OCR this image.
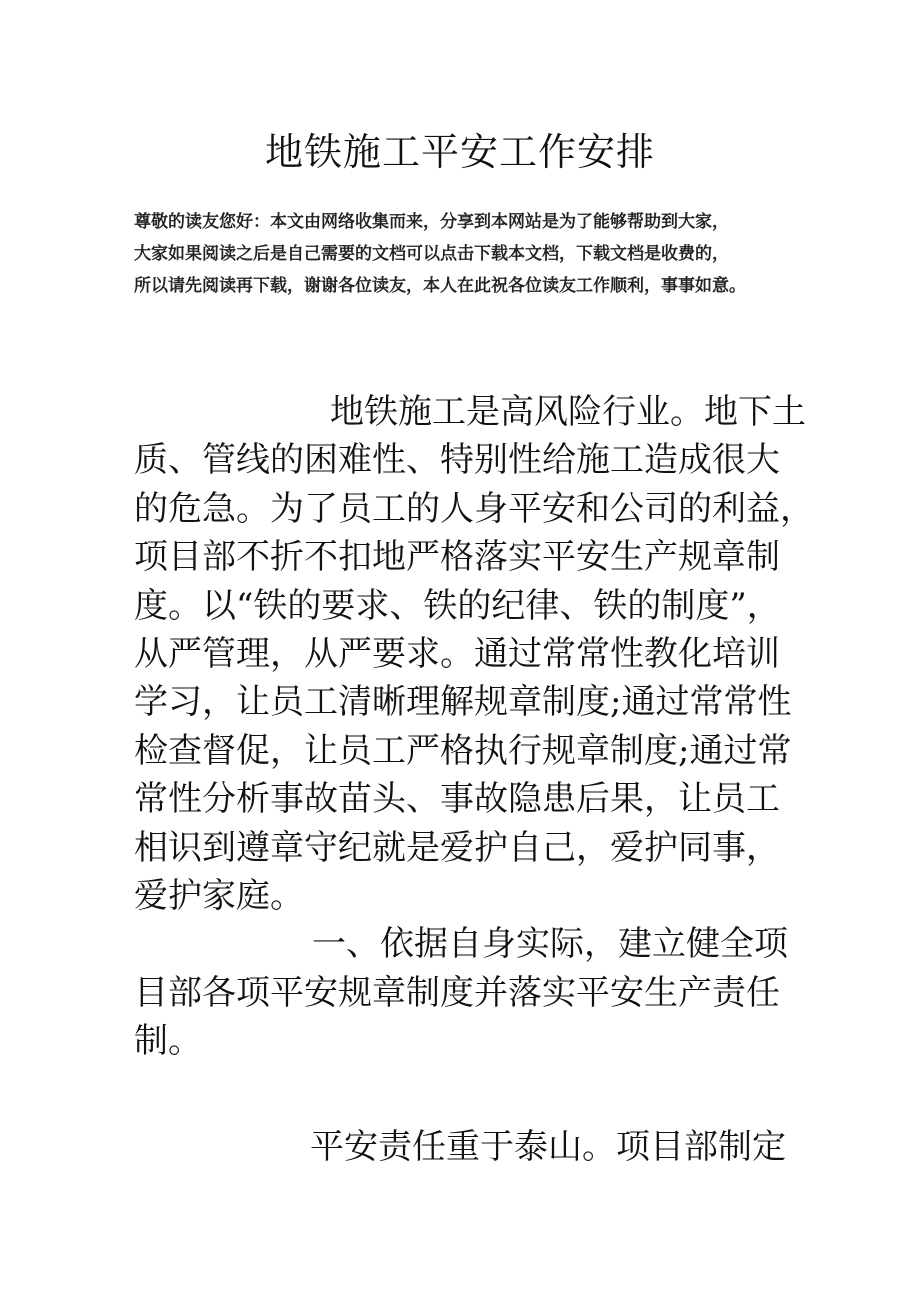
地铁施工平安工作安排
尊敬的读友您好：本文由网络收集而来，分享到本网站是为了能够帮助到大家，
大家如果阅读之后是自己需要的文档可以点击下载本文档，下载文档是收费的，
所以请先阅读再下载，谢谢各位读友，本人在此祝各位读友工作顺利，事事如意。
地铁施工是高风险行业。地下土
质、管线的困难性、特别性给施工造成很大
的危急。为了员工的人身平安和公司的利益，
项目部不折不扣地严格落实平安生产规章制
度。以“铁的要求、铁的纪律、铁的制度”，
从严管理，从严要求。通过常常性教化培训
学习，让员工清晰理解规章制度;通过常常性
检查督促，让员工严格执行规章制度;通过常
常性分析事故苗头、事故隐患后果，让员工
相识到遵章守纪就是爱护自己，爱护同事，
爱护家庭。
一、依据自身实际，建立健全项
目部各项平安规章制度并落实平安生产责任
制。
平安责任重于泰山。项目部制定
